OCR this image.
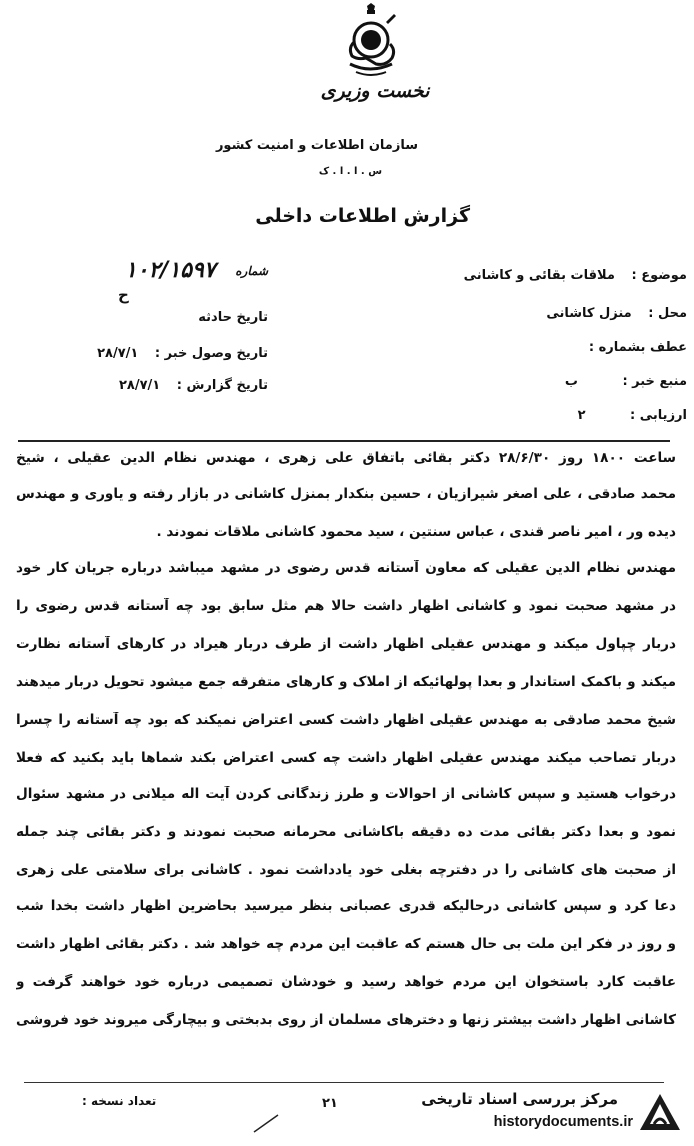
نخست وزیری
سازمان اطلاعات و امنیت کشور
س . ا . ا . ک
گزارش اطلاعات داخلی
شماره ۱۰۲/۱۵۹۷
ح
تاریخ حادثه
تاریخ وصول خبر : ۲۸/۷/۱
تاریخ گزارش : ۲۸/۷/۱
موضوع : ملاقات بقائی و کاشانی
محل : منزل کاشانی
عطف بشماره :
منبع خبر : ب
ارزیابی : ۲
ساعت ۱۸۰۰ روز ۲۸/۶/۳۰ دکتر بقائی باتفاق علی زهری ، مهندس نظام الدین عقیلی ، شیخ
محمد صادقی ، علی اصغر شیرازیان ، حسین بنکدار بمنزل کاشانی در بازار رفته و یاوری و مهندس
دیده ور ، امیر ناصر قندی ، عباس سنتین ، سید محمود کاشانی ملاقات نمودند .
مهندس نظام الدین عقیلی که معاون آستانه قدس رضوی در مشهد میباشد درباره جریان کار خود
در مشهد صحبت نمود و کاشانی اظهار داشت حالا هم مثل سابق بود چه آستانه قدس رضوی را
دربار چپاول میکند و مهندس عقیلی اظهار داشت از طرف دربار هیراد در کارهای آستانه نظارت
میکند و باکمک استاندار و بعدا پولهائیکه از املاک و کارهای متفرقه جمع میشود تحویل دربار میدهند
شیخ محمد صادقی به مهندس عقیلی اظهار داشت کسی اعتراض نمیکند که بود چه آستانه را چسرا
دربار تصاحب میکند مهندس عقیلی اظهار داشت چه کسی اعتراض بکند شماها باید بکنید که فعلا
درخواب هستید و سپس کاشانی از احوالات و طرز زندگانی کردن آیت اله میلانی در مشهد سئوال
نمود و بعدا دکتر بقائی مدت ده دقیقه باکاشانی محرمانه صحبت نمودند و دکتر بقائی چند جمله
از صحبت های کاشانی را در دفترچه بغلی خود یادداشت نمود . کاشانی برای سلامتی علی زهری
دعا کرد و سپس کاشانی درحالیکه قدری عصبانی بنظر میرسید بحاضرین اظهار داشت بخدا شب
و روز در فکر این ملت بی حال هستم که عاقبت این مردم چه خواهد شد . دکتر بقائی اظهار داشت
عاقبت کارد باستخوان این مردم خواهد رسید و خودشان تصمیمی درباره خود خواهند گرفت و
کاشانی اظهار داشت بیشتر زنها و دخترهای مسلمان از روی بدبختی و بیچارگی میروند خود فروشی
تعداد نسخه :	۲۱	مرکز بررسی اسناد تاریخی
historydocuments.ir
